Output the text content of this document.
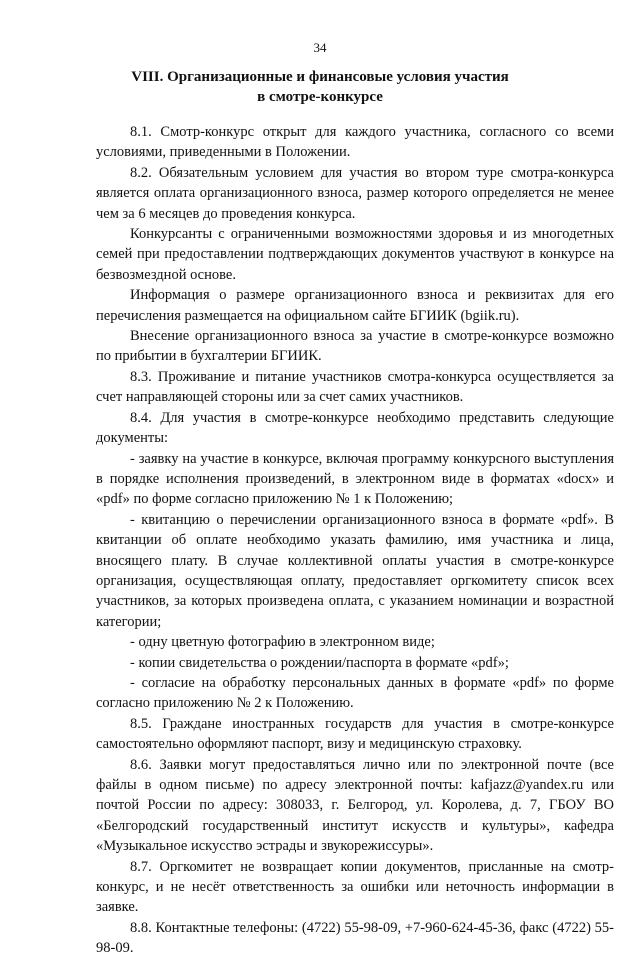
34
VIII. Организационные и финансовые условия участия
в смотре-конкурсе

8.1. Смотр-конкурс открыт для каждого участника, согласного со всеми условиями, приведенными в Положении.

8.2. Обязательным условием для участия во втором туре смотра-конкурса является оплата организационного взноса, размер которого определяется не менее чем за 6 месяцев до проведения конкурса.

Конкурсанты с ограниченными возможностями здоровья и из многодетных семей при предоставлении подтверждающих документов участвуют в конкурсе на безвозмездной основе.

Информация о размере организационного взноса и реквизитах для его перечисления размещается на официальном сайте БГИИК (bgiik.ru).

Внесение организационного взноса за участие в смотре-конкурсе возможно по прибытии в бухгалтерии БГИИК.

8.3. Проживание и питание участников смотра-конкурса осуществляется за счет направляющей стороны или за счет самих участников.

8.4. Для участия в смотре-конкурсе необходимо представить следующие документы:

- заявку на участие в конкурсе, включая программу конкурсного выступления в порядке исполнения произведений, в электронном виде в форматах «docx» и «pdf» по форме согласно приложению № 1 к Положению;

- квитанцию о перечислении организационного взноса в формате «pdf». В квитанции об оплате необходимо указать фамилию, имя участника и лица, вносящего плату. В случае коллективной оплаты участия в смотре-конкурсе организация, осуществляющая оплату, предоставляет оргкомитету список всех участников, за которых произведена оплата, с указанием номинации и возрастной категории;

- одну цветную фотографию в электронном виде;

- копии свидетельства о рождении/паспорта в формате «pdf»;

- согласие на обработку персональных данных в формате «pdf» по форме согласно приложению № 2 к Положению.

8.5. Граждане иностранных государств для участия в смотре-конкурсе самостоятельно оформляют паспорт, визу и медицинскую страховку.

8.6. Заявки могут предоставляться лично или по электронной почте (все файлы в одном письме) по адресу электронной почты: kafjazz@yandex.ru или почтой России по адресу: 308033, г. Белгород, ул. Королева, д. 7, ГБОУ ВО «Белгородский государственный институт искусств и культуры», кафедра «Музыкальное искусство эстрады и звукорежиссуры».

8.7. Оргкомитет не возвращает копии документов, присланные на смотр-конкурс, и не несёт ответственность за ошибки или неточность информации в заявке.

8.8. Контактные телефоны: (4722) 55-98-09, +7-960-624-45-36, факс (4722) 55-98-09.
